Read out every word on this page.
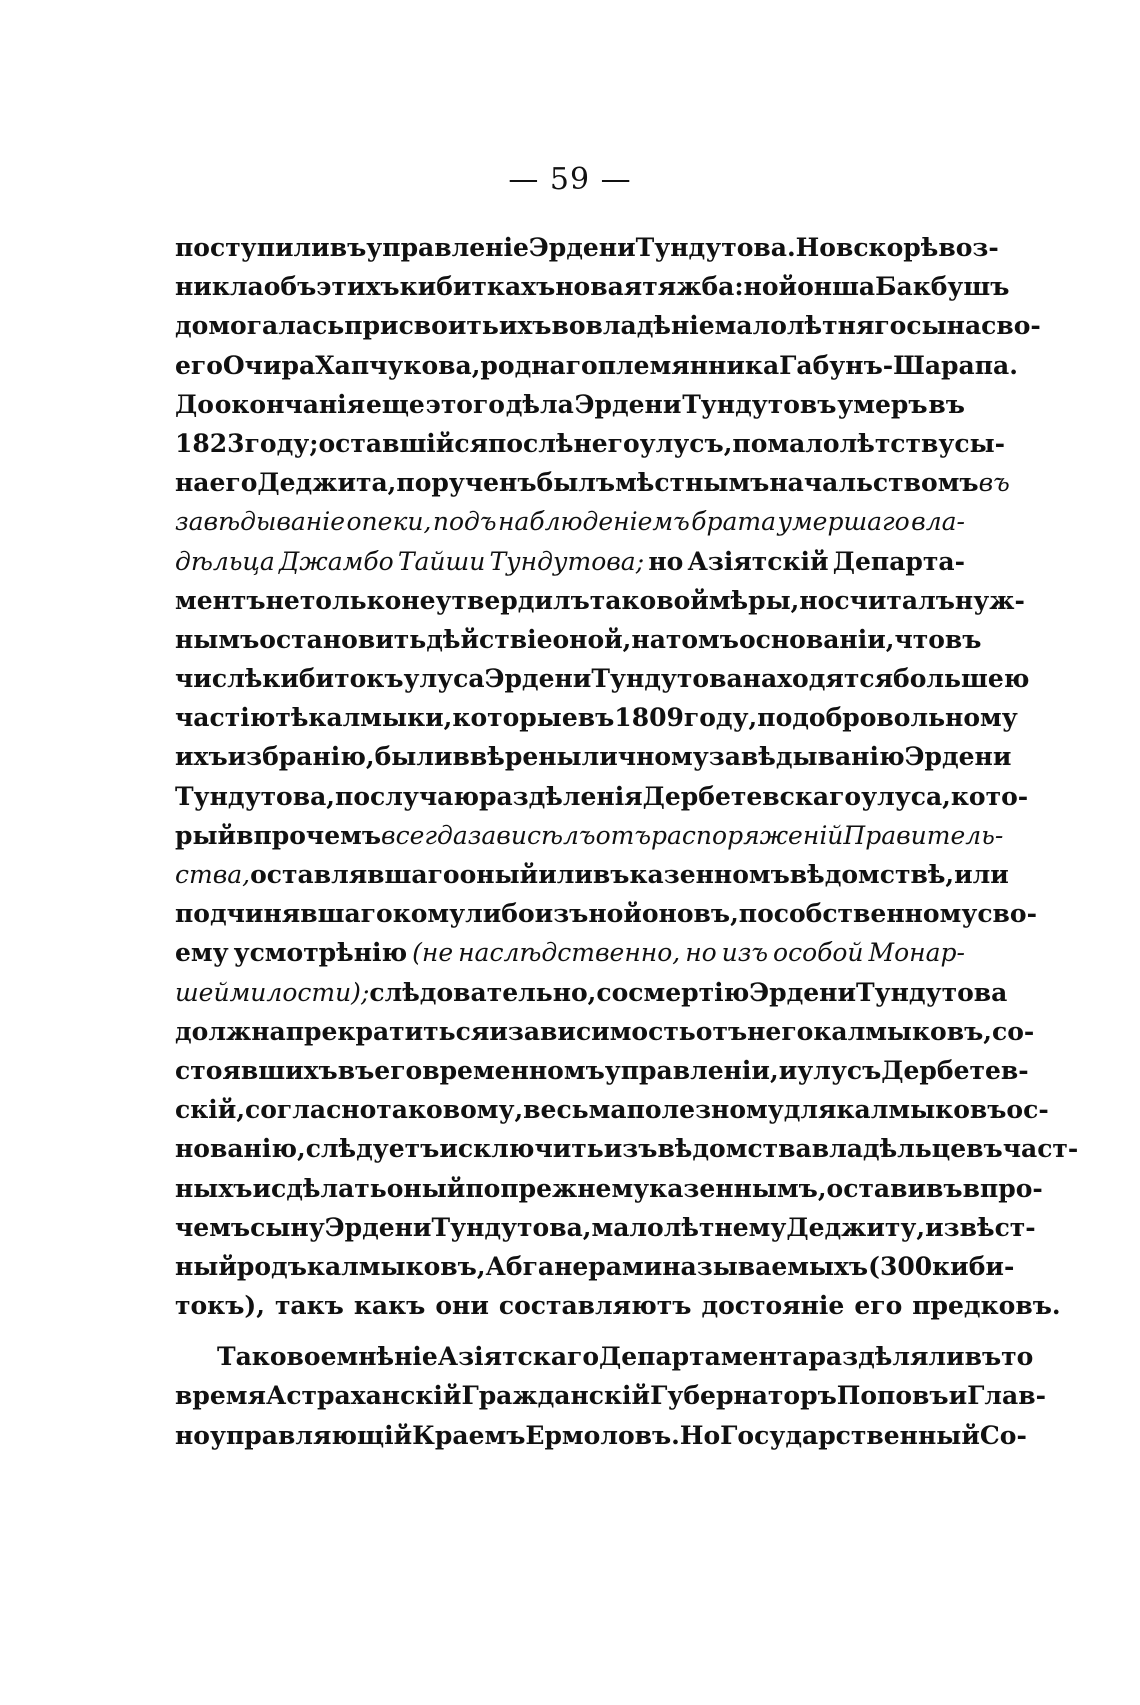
— 59 —
поступили въ управленіе Эрдени Тундутова. Но вскорѣ воз-
никла объ этихъ кибиткахъ новая тяжба: нойонша Бакбушъ
домогалась присвоить ихъ во владѣніе малолѣтняго сына сво-
его Очира Хапчукова, роднаго племянника Габунъ-Шарапа.
До окончанія еще этого дѣла Эрдени Тундутовъ умеръ въ
1823 году; оставшійся послѣ него улусъ, по малолѣтству сы-
на его Деджита, порученъ былъ мѣстнымъ начальствомъ въ
завѣдываніе опеки, подъ наблюденіемъ брата умершаго вла-
дѣльца Джамбо Тайши Тундутова; но Азіятскій Департа-
ментъ не только не утвердилъ таковой мѣры, но считалъ нуж-
нымъ остановить дѣйствіе оной, на томъ основаніи, что въ
числѣ кибитокъ улуса Эрдени Тундутова находятся большею
частію тѣ калмыки, которые въ 1809 году, по добровольному
ихъ избранію, были ввѣрены личному завѣдыванію Эрдени
Тундутова, по случаю раздѣленія Дербетевскаго улуса, кото-
рый впрочемъ всегда зависѣлъ отъ распоряженій Правитель-
ства, оставлявшаго оный или въ казенномъ вѣдомствѣ, или
подчинявшаго кому либо изъ нойоновъ, по собственному сво-
ему усмотрѣнію (не наслѣдственно, но изъ особой Монар-
шей милости); слѣдовательно, со смертію Эрдени Тундутова
должна прекратиться и зависимость отъ него калмыковъ, со-
стоявшихъ въ его временномъ управленіи, и улусъ Дербетев-
скій, согласно таковому, весьма полезному для калмыковъ ос-
нованію, слѣдуетъ исключить изъ вѣдомства владѣльцевъ част-
ныхъ и сдѣлать оный по прежнему казеннымъ, оставивъ впро-
чемъ сыну Эрдени Тундутова, малолѣтнему Деджиту, извѣст-
ный родъ калмыковъ, Абганерами называемыхъ (300 киби-
токъ), такъ какъ они составляютъ достояніе его предковъ.
Таковое мнѣніе Азіятскаго Департамента раздѣляли въ то
время Астраханскій Гражданскій Губернаторъ Поповъ и Глав-
ноуправляющій Краемъ Ермоловъ. Но Государственный Со-
